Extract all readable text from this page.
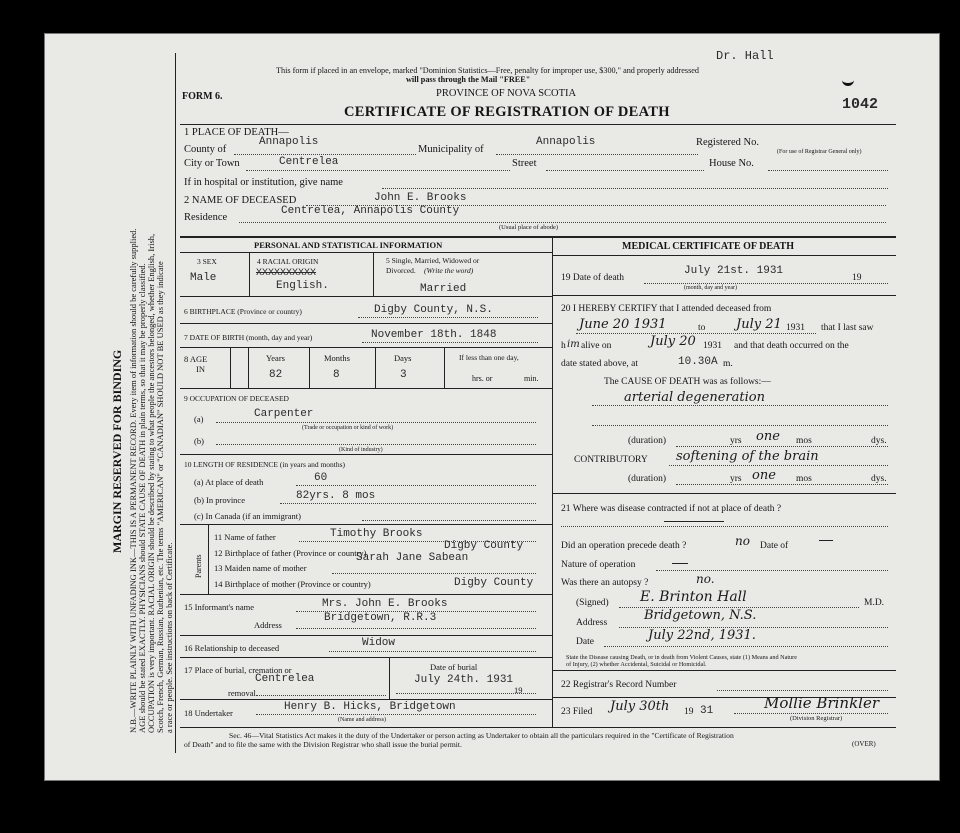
MARGIN RESERVED FOR BINDING N.B.—WRITE PLAINLY WITH UNFADING INK—THIS IS A PERMANENT RECORD. Every item of information should be carefully supplied.
AGE should be stated EXACTLY. PHYSICIANS should STATE CAUSE OF DEATH in plain terms, so that it may be properly classified.
OCCUPATION is very important. RACIAL ORIGIN should be described by stating to what people the ancestors belonged, whether English, Irish,
Scotch, French, German, Russian, Ruthenian, etc. The terms "AMERICAN" or "CANADIAN" SHOULD NOT BE USED as they indicate
a race or people. See instructions on back of Certificate.
Dr. Hall
This form if placed in an envelope, marked "Dominion Statistics—Free, penalty for improper use, $300," and properly addressed
will pass through the Mail "FREE"
PROVINCE OF NOVA SCOTIA
FORM 6.
CERTIFICATE OF REGISTRATION OF DEATH	1042
1 PLACE OF DEATH—
County of
Annapolis
Municipality of
Annapolis	Registered No.
(For use of Registrar General only)
City or Town	Centrelea	Street	House No.
If in hospital or institution, give name
2 NAME OF DECEASED	John E. Brooks
Residence
Centrelea, Annapolis County
(Usual place of abode)
PERSONAL AND STATISTICAL INFORMATION
3 SEX
Male
4 RACIAL ORIGIN
XXXXXXXXXX
English.
5 Single, Married, Widowed or
Divorced. (Write the word)
Married
6 BIRTHPLACE (Province or country)	Digby County, N.S.
7 DATE OF BIRTH (month, day and year)	November 18th. 1848
8 AGE
IN
Years
82
Months
8
Days
3
If less than one day,
hrs. or	min.
9 OCCUPATION OF DECEASED
(a)	Carpenter
(Trade or occupation or kind of work)
(b)
(Kind of industry)
10 LENGTH OF RESIDENCE (in years and months)
(a) At place of death	60
(b) In province	82yrs. 8 mos
(c) In Canada (if an immigrant)
Parents
11 Name of father	Timothy Brooks
12 Birthplace of father (Province or country)
Digby County
13 Maiden name of mother
Sarah Jane Sabean
14 Birthplace of mother (Province or country)	Digby County
15 Informant's name	Mrs. John E. Brooks
Address
Bridgetown, R.R.3
16 Relationship to deceased	Widow
17 Place of burial, cremation or
removal
Centrelea
Date of burial
July 24th. 1931
19
18 Undertaker	Henry B. Hicks, Bridgetown
(Name and address)
MEDICAL CERTIFICATE OF DEATH
19 Date of death
July 21st. 1931
19
(month, day and year)
20 I HEREBY CERTIFY that I attended deceased from
June 20 1931	to July 21 1931 that I last saw
h im alive on	July 20 1931 and that death occurred on the
date stated above, at	10.30A m.
The CAUSE OF DEATH was as follows:—
arterial degeneration
(duration)	yrs one mos	dys.
CONTRIBUTORY softening of the brain
(duration)	yrs one mos	dys.
21 Where was disease contracted if not at place of death ?
Did an operation precede death ?	no Date of
Nature of operation
Was there an autopsy ?	no.
(Signed) E. Brinton Hall	M.D.
Address	Bridgetown, N.S.
Date	July 22nd, 1931.
State the Disease causing Death, or in death from Violent Causes, state (1) Means and Nature
of Injury, (2) whether Accidental, Suicidal or Homicidal.
22 Registrar's Record Number
23 Filed July 30th 19 31	Mollie Brinkler
(Division Registrar)
Sec. 46—Vital Statistics Act makes it the duty of the Undertaker or person acting as Undertaker to obtain all the particulars required in the "Certificate of Registration
of Death" and to file the same with the Division Registrar who shall issue the burial permit.	(OVER)
